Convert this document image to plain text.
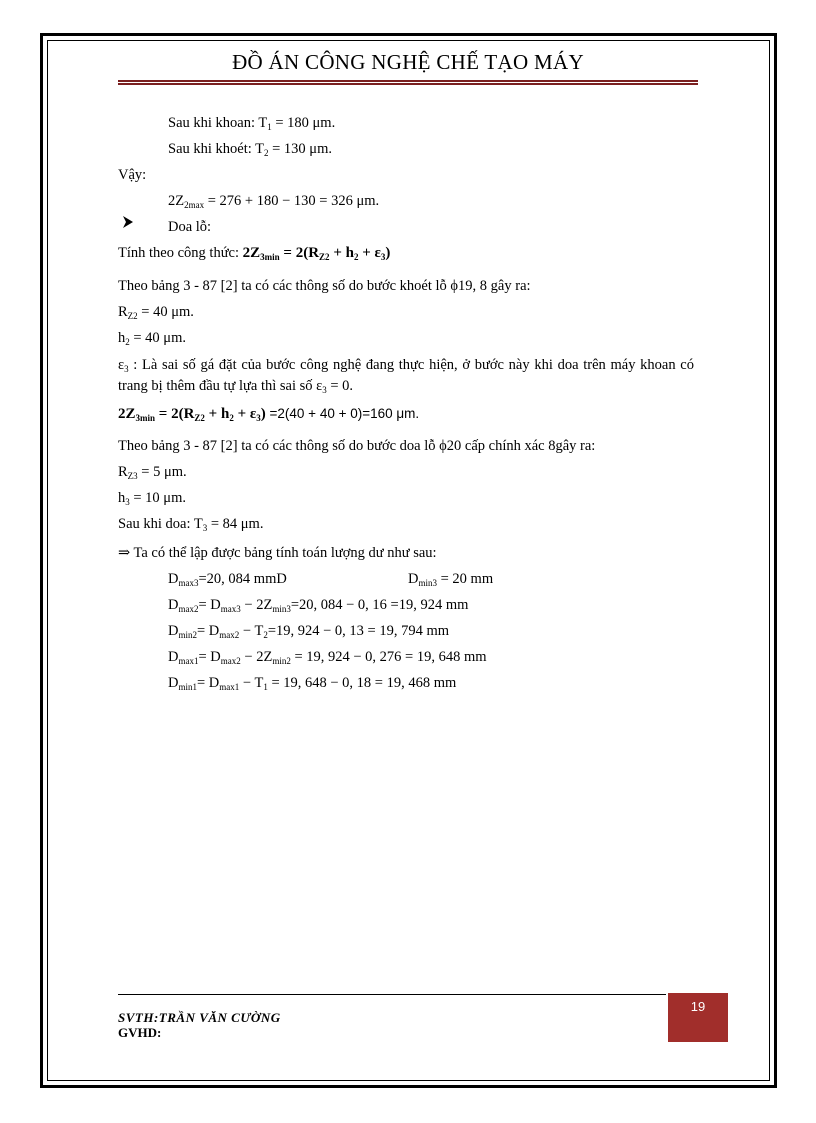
ĐỒ ÁN CÔNG NGHỆ CHẾ TẠO MÁY
Sau khi khoan: $T_1 = 180$ μm.
Sau khi khoét: $T_2 = 130$ μm.
Vậy:
$2Z_{2max} = 276 + 180 - 130 = 326$ μm.
Doa lỗ:
Tính theo công thức: $2Z_{3min} = 2(R_{Z2} + h_2 + \varepsilon_3)$
Theo bảng 3 - 87 [2] ta có các thông số do bước khoét lỗ ϕ19, 8 gây ra:
$R_{Z2} = 40$ μm.
$h_2 = 40$ μm.
$\varepsilon_3$ : Là sai số gá đặt của bước công nghệ đang thực hiện, ở bước này khi doa trên máy khoan có trang bị thêm đầu tự lựa thì sai số $\varepsilon_3 = 0$.
$2Z_{3min} = 2(R_{Z2} + h_2 + \varepsilon_3) =2(40 + 40 + 0)=160$ μm.
Theo bảng 3 - 87 [2] ta có các thông số do bước doa lỗ ϕ20 cấp chính xác 8gây ra:
$R_{Z3} = 5$ μm.
$h_3 = 10$ μm.
Sau khi doa: $T_3 = 84$ μm.
⇒ Ta có thể lập được bảng tính toán lượng dư như sau:
$D_{max3}=20$, 084 mmD	$D_{min3} = 20$ mm
$D_{max2}= D_{max3} - 2Z_{min3}=20$, 084 − 0, 16 =19, 924 mm
$D_{min2}= D_{max2} - T_2=19$, 924 − 0, 13 = 19, 794 mm
$D_{max1}= D_{max2} - 2Z_{min2} = 19$, 924 − 0, 276 = 19, 648 mm
$D_{min1}= D_{max1} - T_1 = 19$, 648 − 0, 18 = 19, 468 mm
19
SVTH:TRẦN VĂN CƯỜNG
GVHD:
